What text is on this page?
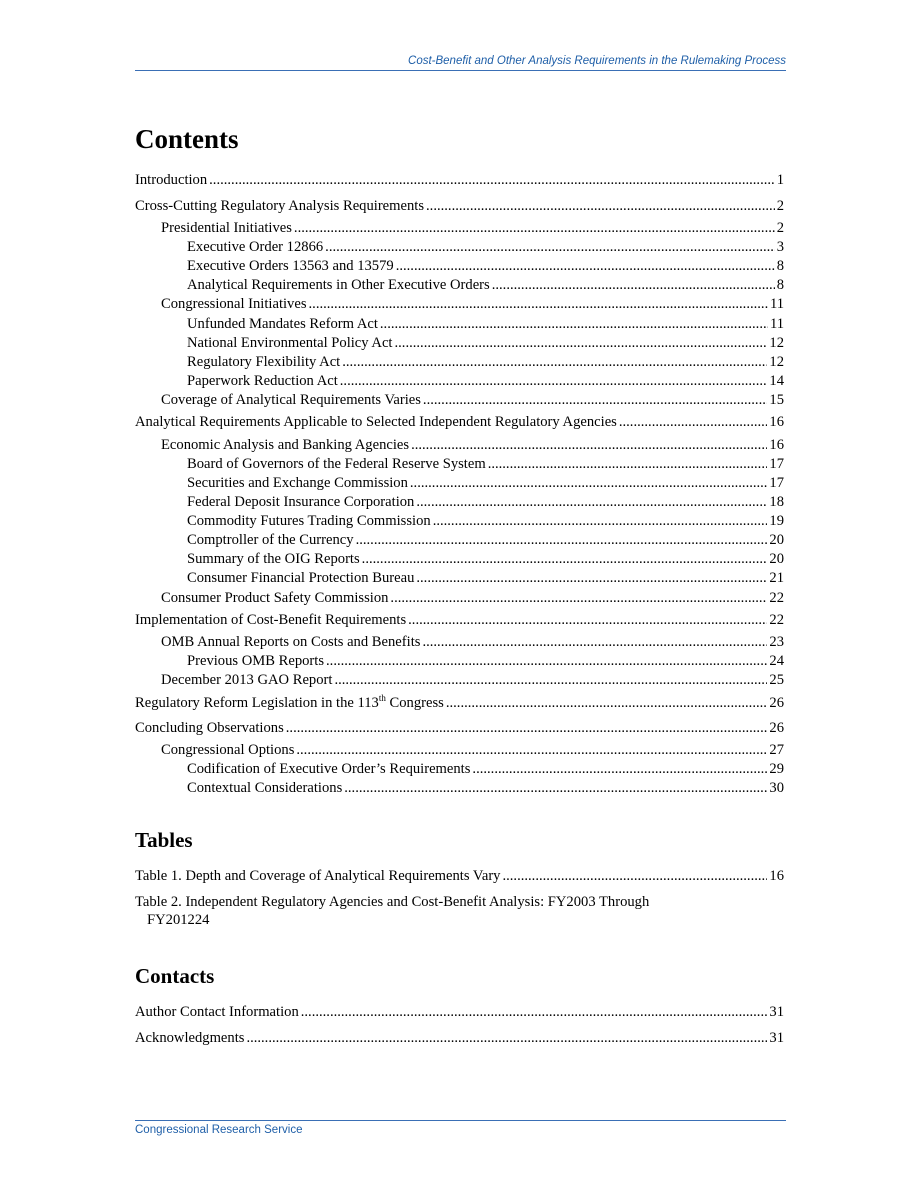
Cost-Benefit and Other Analysis Requirements in the Rulemaking Process
Contents
Introduction .....	1
Cross-Cutting Regulatory Analysis Requirements .....	2
Presidential Initiatives .....	2
Executive Order 12866 .....	3
Executive Orders 13563 and 13579 .....	8
Analytical Requirements in Other Executive Orders .....	8
Congressional Initiatives .....	11
Unfunded Mandates Reform Act .....	11
National Environmental Policy Act .....	12
Regulatory Flexibility Act .....	12
Paperwork Reduction Act .....	14
Coverage of Analytical Requirements Varies .....	15
Analytical Requirements Applicable to Selected Independent Regulatory Agencies .....	16
Economic Analysis and Banking Agencies .....	16
Board of Governors of the Federal Reserve System .....	17
Securities and Exchange Commission .....	17
Federal Deposit Insurance Corporation .....	18
Commodity Futures Trading Commission .....	19
Comptroller of the Currency .....	20
Summary of the OIG Reports .....	20
Consumer Financial Protection Bureau .....	21
Consumer Product Safety Commission .....	22
Implementation of Cost-Benefit Requirements .....	22
OMB Annual Reports on Costs and Benefits .....	23
Previous OMB Reports .....	24
December 2013 GAO Report .....	25
Regulatory Reform Legislation in the 113th Congress .....	26
Concluding Observations .....	26
Congressional Options .....	27
Codification of Executive Order’s Requirements .....	29
Contextual Considerations .....	30
Tables
Table 1. Depth and Coverage of Analytical Requirements Vary .....	16
Table 2. Independent Regulatory Agencies and Cost-Benefit Analysis: FY2003 Through
FY2012 24
Contacts
Author Contact Information .....	31
Acknowledgments .....	31
Congressional Research Service
